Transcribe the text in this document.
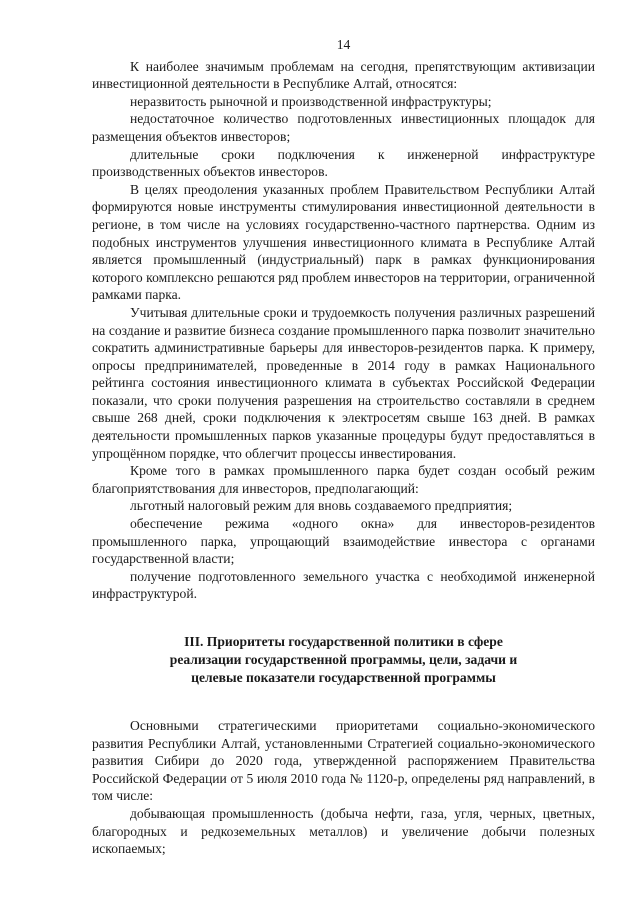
14

К наиболее значимым проблемам на сегодня, препятствующим активизации инвестиционной деятельности в Республике Алтай, относятся:

неразвитость рыночной и производственной инфраструктуры;

недостаточное количество подготовленных инвестиционных площадок для размещения объектов инвесторов;

длительные сроки подключения к инженерной инфраструктуре производственных объектов инвесторов.

В целях преодоления указанных проблем Правительством Республики Алтай формируются новые инструменты стимулирования инвестиционной деятельности в регионе, в том числе на условиях государственно-частного партнерства. Одним из подобных инструментов улучшения инвестиционного климата в Республике Алтай является промышленный (индустриальный) парк в рамках функционирования которого комплексно решаются ряд проблем инвесторов на территории, ограниченной рамками парка.

Учитывая длительные сроки и трудоемкость получения различных разрешений на создание и развитие бизнеса создание промышленного парка позволит значительно сократить административные барьеры для инвесторов-резидентов парка. К примеру, опросы предпринимателей, проведенные в 2014 году в рамках Национального рейтинга состояния инвестиционного климата в субъектах Российской Федерации показали, что сроки получения разрешения на строительство составляли в среднем свыше 268 дней, сроки подключения к электросетям свыше 163 дней. В рамках деятельности промышленных парков указанные процедуры будут предоставляться в упрощённом порядке, что облегчит процессы инвестирования.

Кроме того в рамках промышленного парка будет создан особый режим благоприятствования для инвесторов, предполагающий:

льготный налоговый режим для вновь создаваемого предприятия;

обеспечение режима «одного окна» для инвесторов-резидентов промышленного парка, упрощающий взаимодействие инвестора с органами государственной власти;

получение подготовленного земельного участка с необходимой инженерной инфраструктурой.

III. Приоритеты государственной политики в сфере
реализации государственной программы, цели, задачи и
целевые показатели государственной программы

Основными стратегическими приоритетами социально-экономического развития Республики Алтай, установленными Стратегией социально-экономического развития Сибири до 2020 года, утвержденной распоряжением Правительства Российской Федерации от 5 июля 2010 года № 1120-р, определены ряд направлений, в том числе:

добывающая промышленность (добыча нефти, газа, угля, черных, цветных, благородных и редкоземельных металлов) и увеличение добычи полезных ископаемых;
